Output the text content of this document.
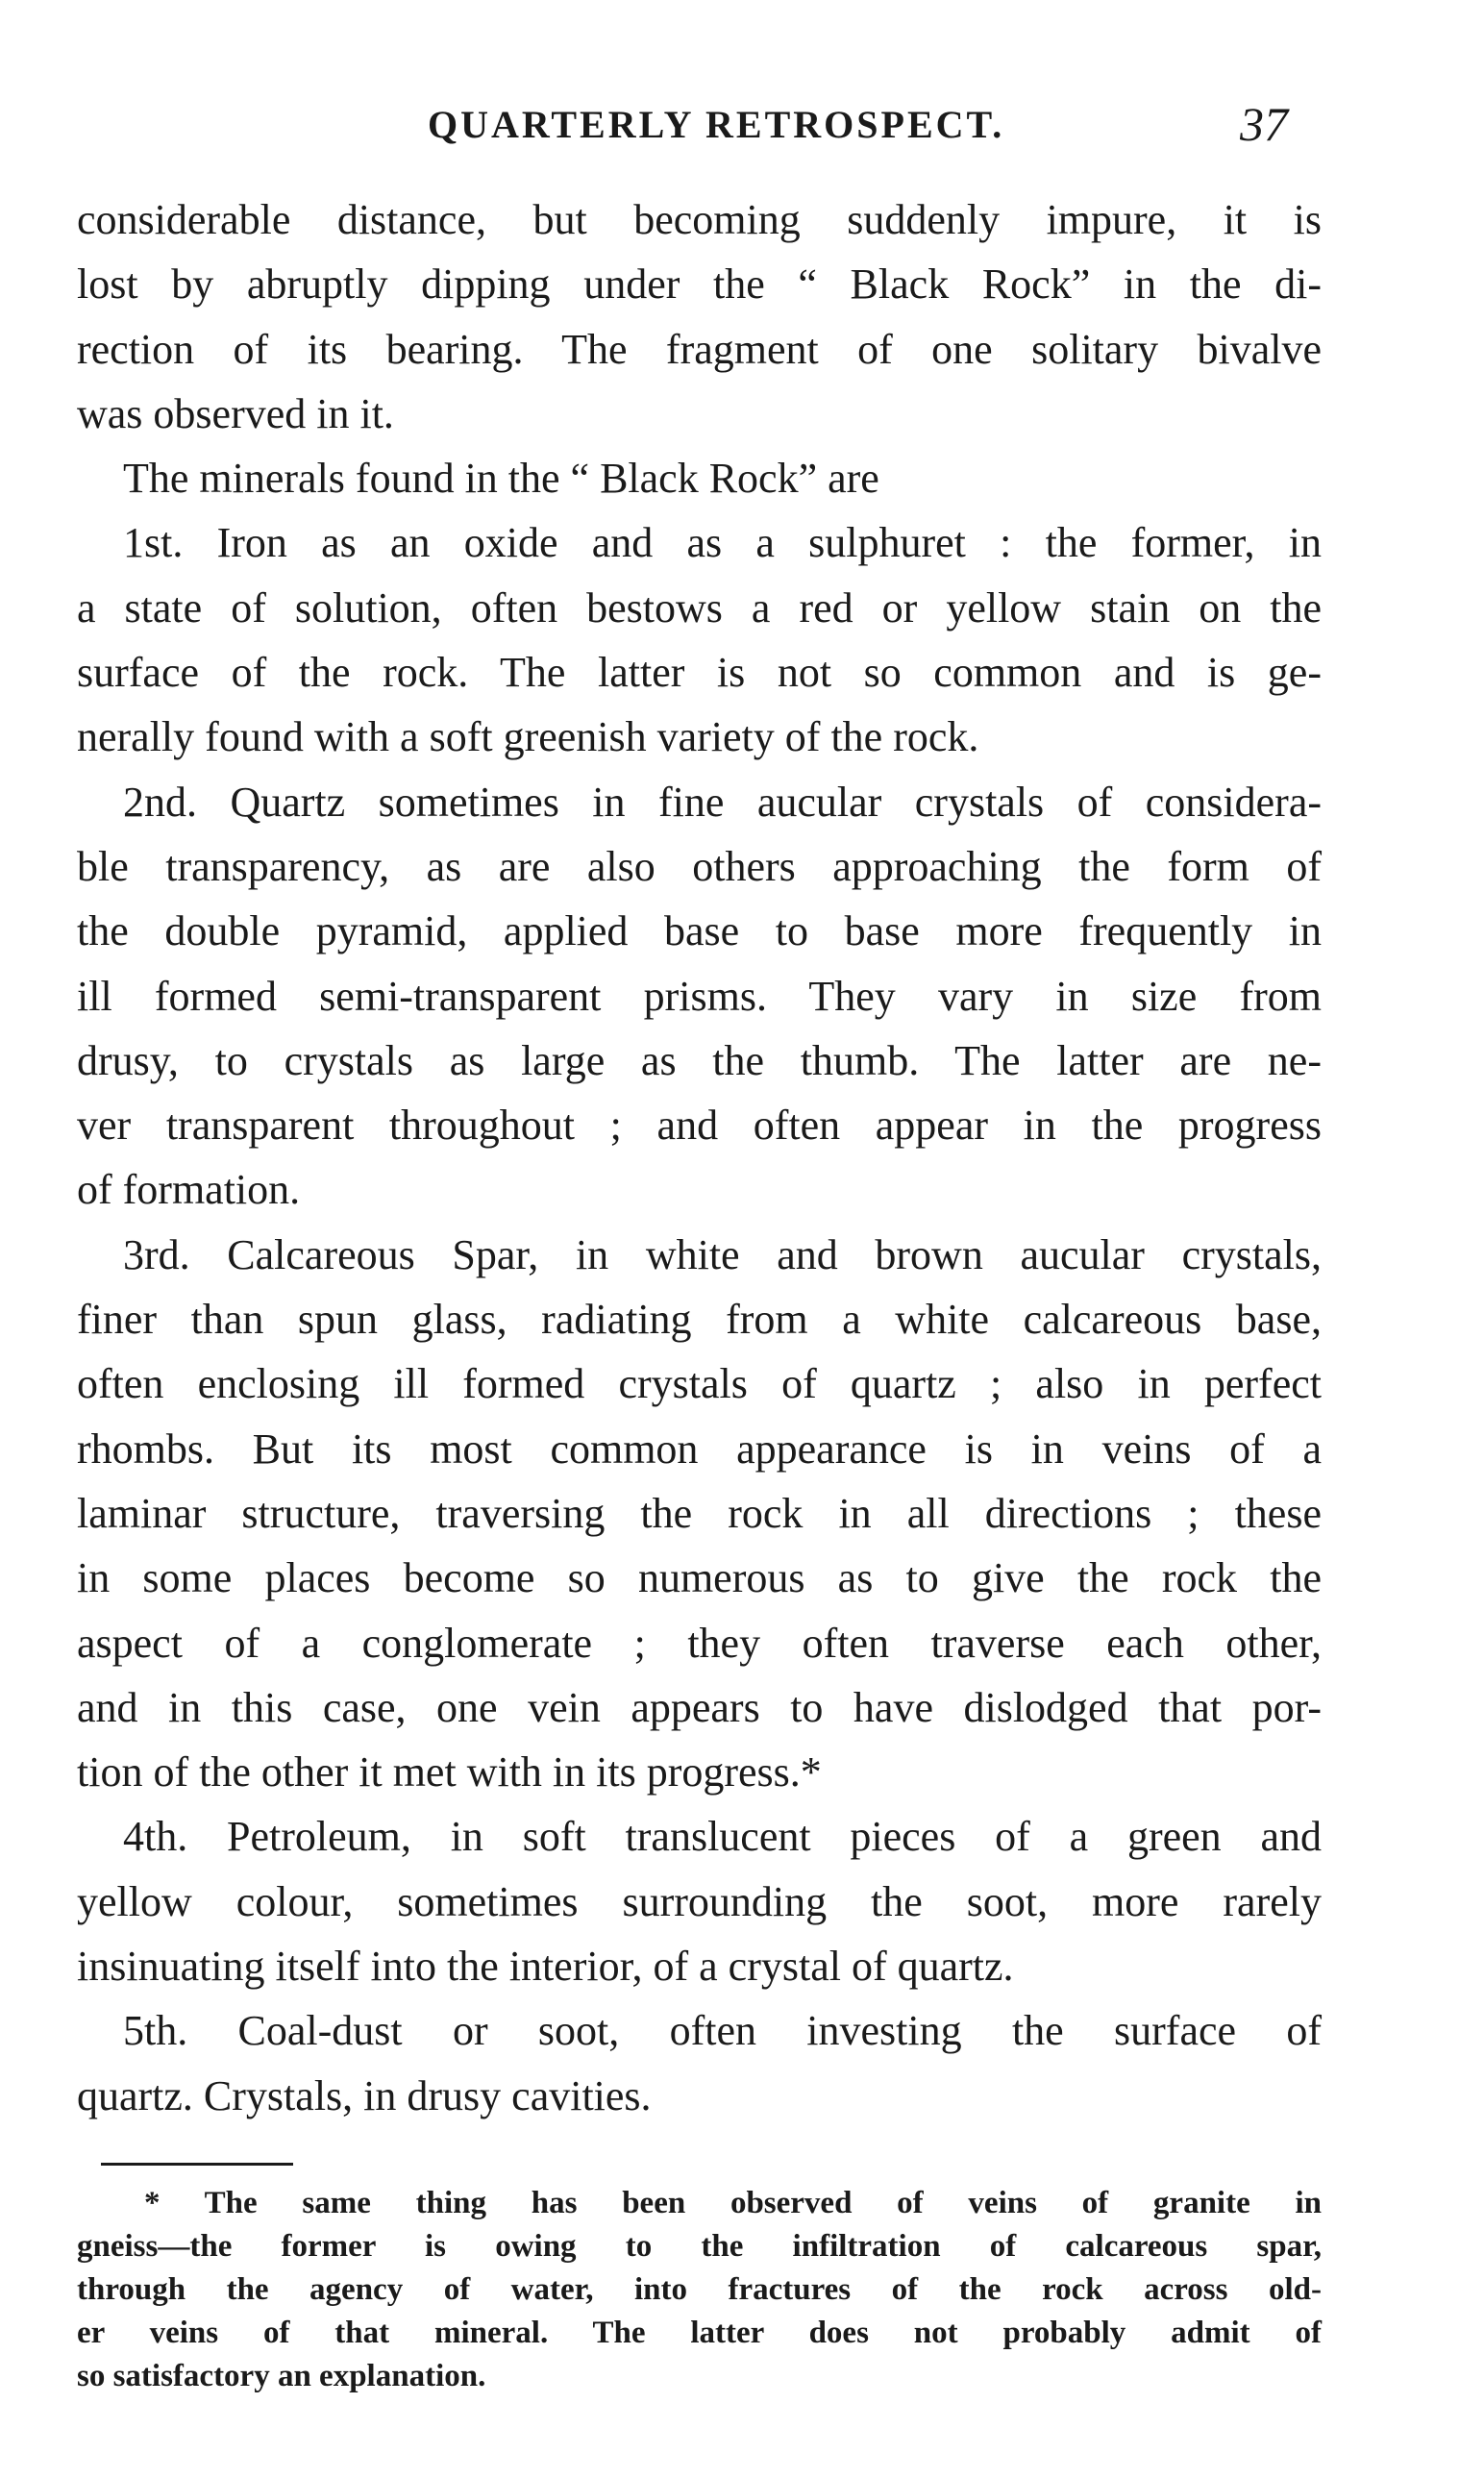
QUARTERLY RETROSPECT.	37
considerable distance, but becoming suddenly impure, it is
lost by abruptly dipping under the “ Black Rock” in the di-
rection of its bearing. The fragment of one solitary bivalve
was observed in it.
The minerals found in the “ Black Rock” are
1st. Iron as an oxide and as a sulphuret : the former, in
a state of solution, often bestows a red or yellow stain on the
surface of the rock. The latter is not so common and is ge-
nerally found with a soft greenish variety of the rock.
2nd. Quartz sometimes in fine aucular crystals of considera-
ble transparency, as are also others approaching the form of
the double pyramid, applied base to base more frequently in
ill formed semi-transparent prisms. They vary in size from
drusy, to crystals as large as the thumb. The latter are ne-
ver transparent throughout ; and often appear in the progress
of formation.
3rd. Calcareous Spar, in white and brown aucular crystals,
finer than spun glass, radiating from a white calcareous base,
often enclosing ill formed crystals of quartz ; also in perfect
rhombs. But its most common appearance is in veins of a
laminar structure, traversing the rock in all directions ; these
in some places become so numerous as to give the rock the
aspect of a conglomerate ; they often traverse each other,
and in this case, one vein appears to have dislodged that por-
tion of the other it met with in its progress.*
4th. Petroleum, in soft translucent pieces of a green and
yellow colour, sometimes surrounding the soot, more rarely
insinuating itself into the interior, of a crystal of quartz.
5th. Coal-dust or soot, often investing the surface of
quartz. Crystals, in drusy cavities.
* The same thing has been observed of veins of granite in
gneiss—the former is owing to the infiltration of calcareous spar,
through the agency of water, into fractures of the rock across old-
er veins of that mineral. The latter does not probably admit of
so satisfactory an explanation.
